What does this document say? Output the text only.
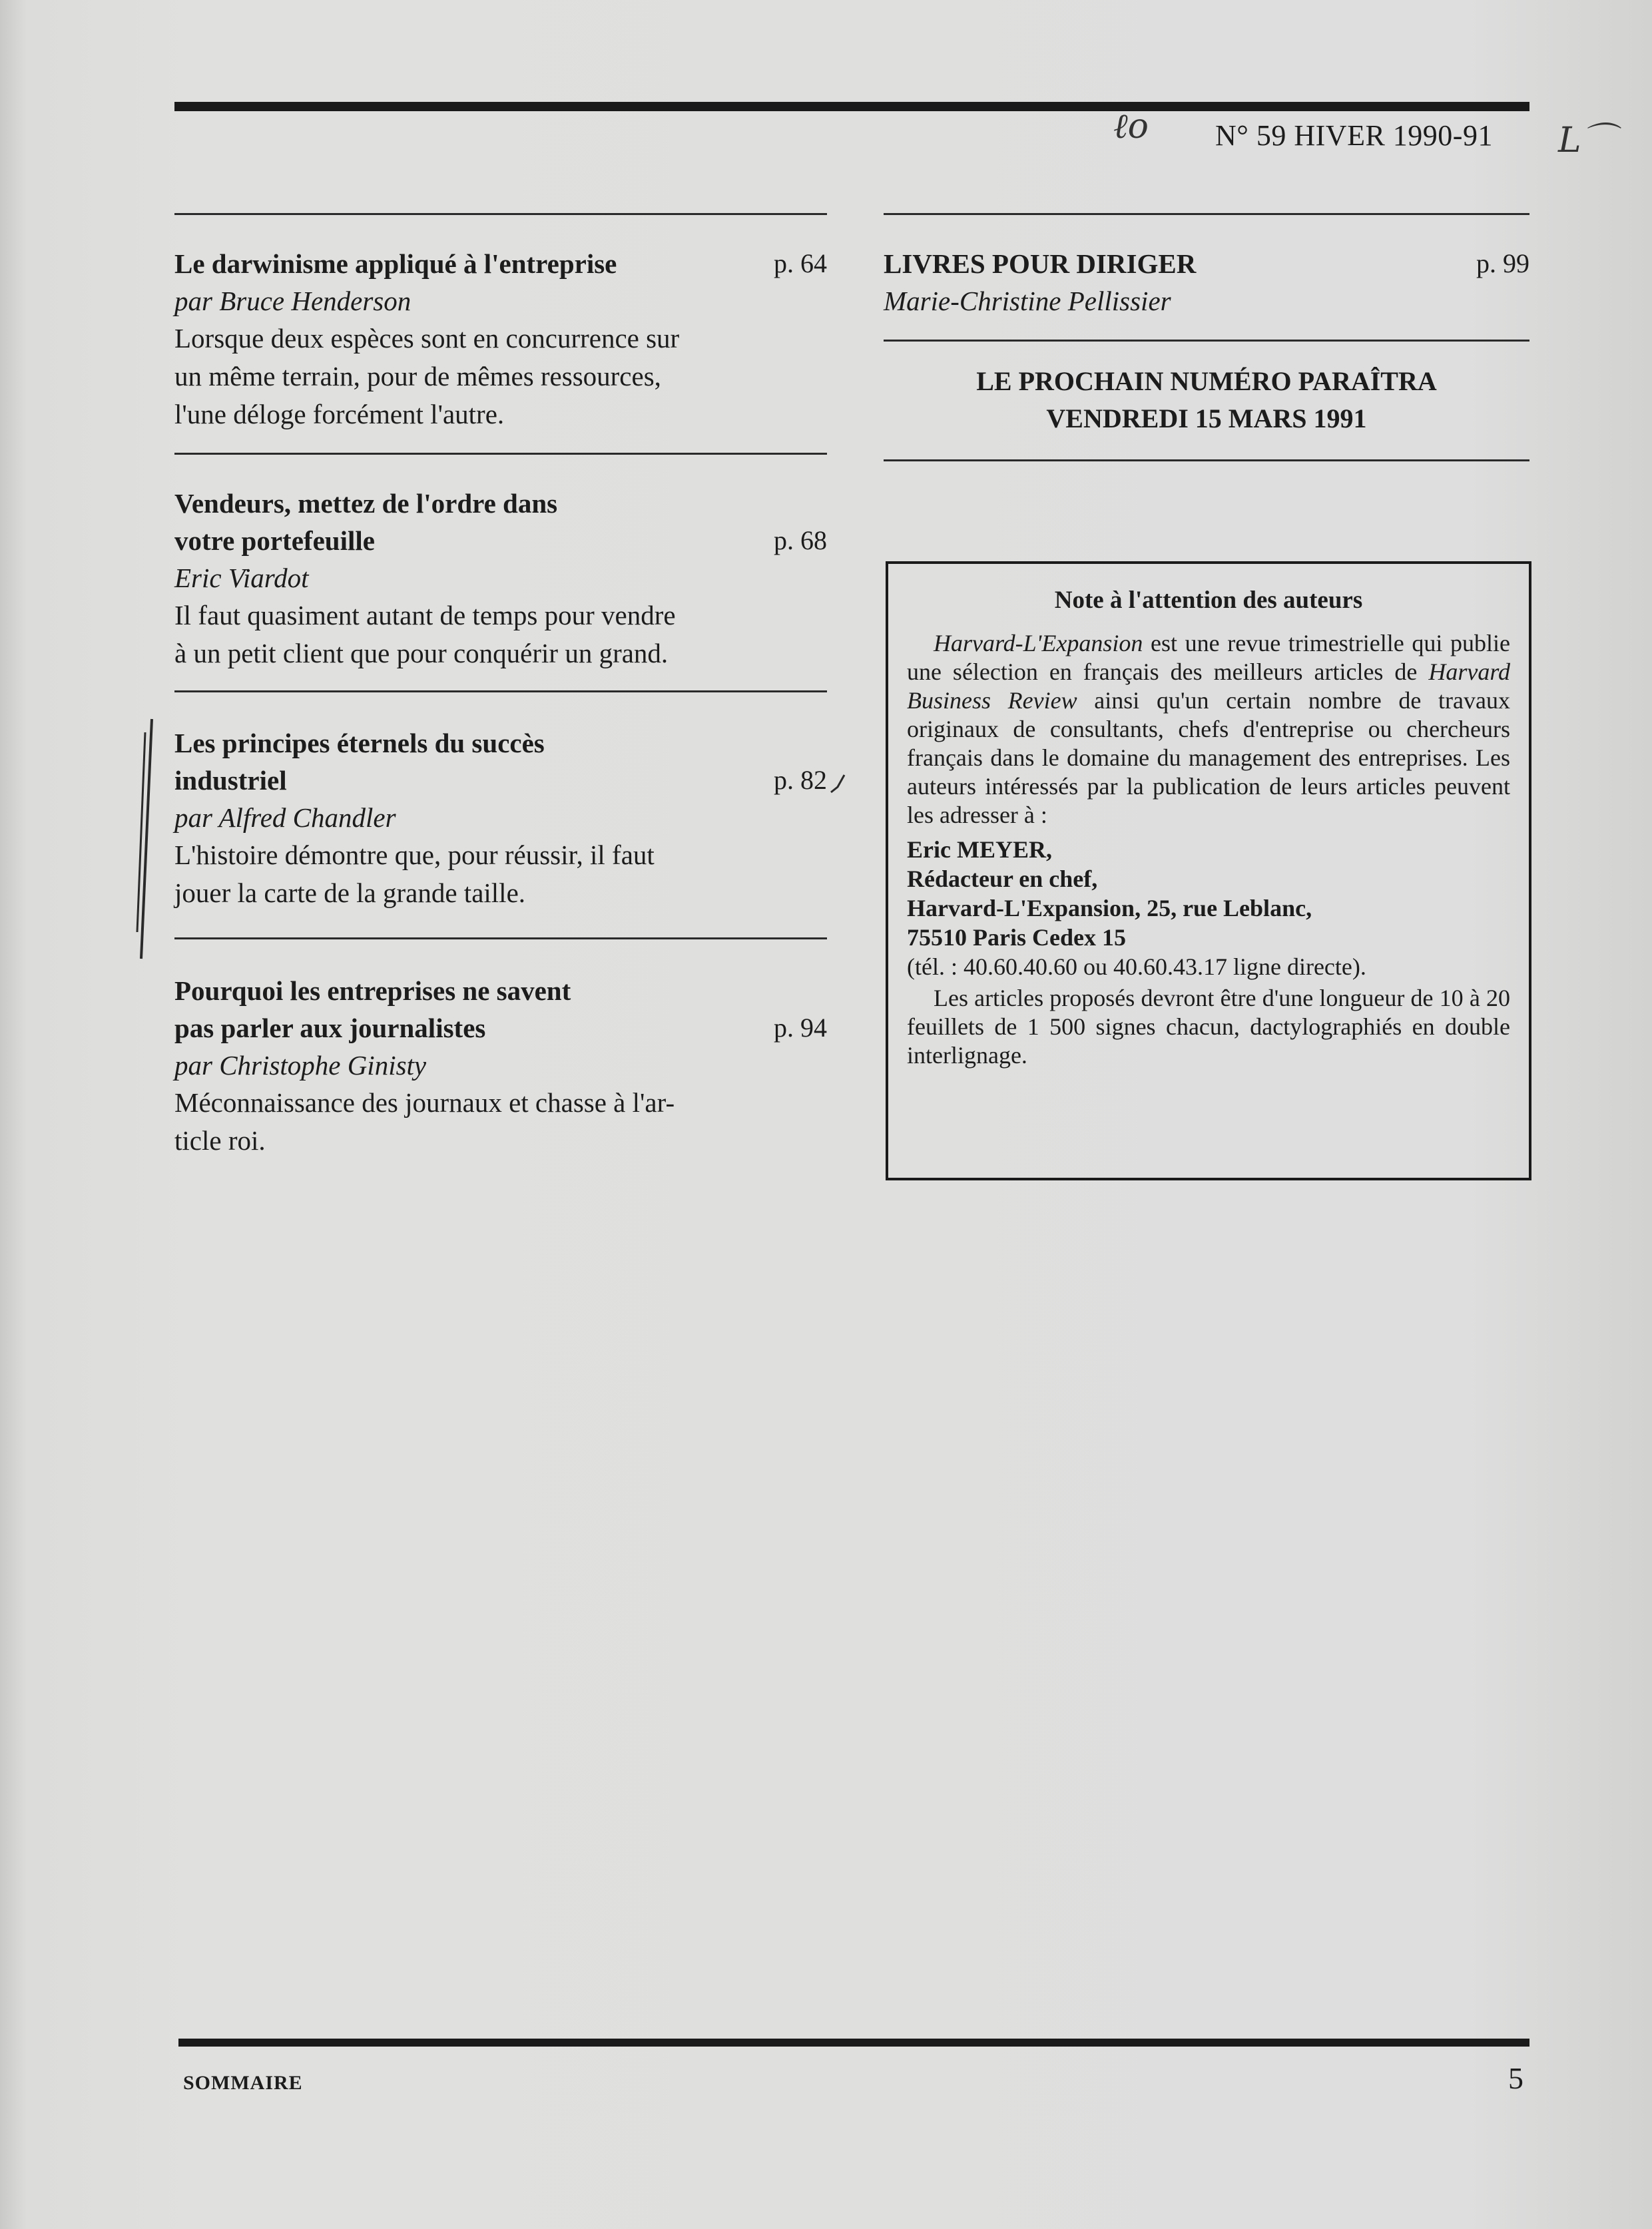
ℓo N° 59 HIVER 1990-91 L⌒
Le darwinisme appliqué à l'entreprise	p. 64
par Bruce Henderson
Lorsque deux espèces sont en concurrence sur
un même terrain, pour de mêmes ressources,
l'une déloge forcément l'autre.
Vendeurs, mettez de l'ordre dans
votre portefeuille	p. 68
Eric Viardot
Il faut quasiment autant de temps pour vendre
à un petit client que pour conquérir un grand.
Les principes éternels du succès
industriel	p. 82
par Alfred Chandler
L'histoire démontre que, pour réussir, il faut
jouer la carte de la grande taille.
Pourquoi les entreprises ne savent
pas parler aux journalistes	p. 94
par Christophe Ginisty
Méconnaissance des journaux et chasse à l'ar-
ticle roi.
LIVRES POUR DIRIGER	p. 99
Marie-Christine Pellissier
LE PROCHAIN NUMÉRO PARAÎTRA
VENDREDI 15 MARS 1991
Note à l'attention des auteurs
Harvard-L'Expansion est une revue trimestrielle qui publie une sélection en français des meilleurs articles de Harvard Business Review ainsi qu'un certain nombre de travaux originaux de consultants, chefs d'entreprise ou chercheurs français dans le domaine du management des entreprises. Les auteurs intéressés par la publication de leurs articles peuvent les adresser à :
Eric MEYER,
Rédacteur en chef,
Harvard-L'Expansion, 25, rue Leblanc,
75510 Paris Cedex 15
(tél. : 40.60.40.60 ou 40.60.43.17 ligne directe).
Les articles proposés devront être d'une longueur de 10 à 20 feuillets de 1 500 signes chacun, dactylographiés en double interlignage.
SOMMAIRE	5
